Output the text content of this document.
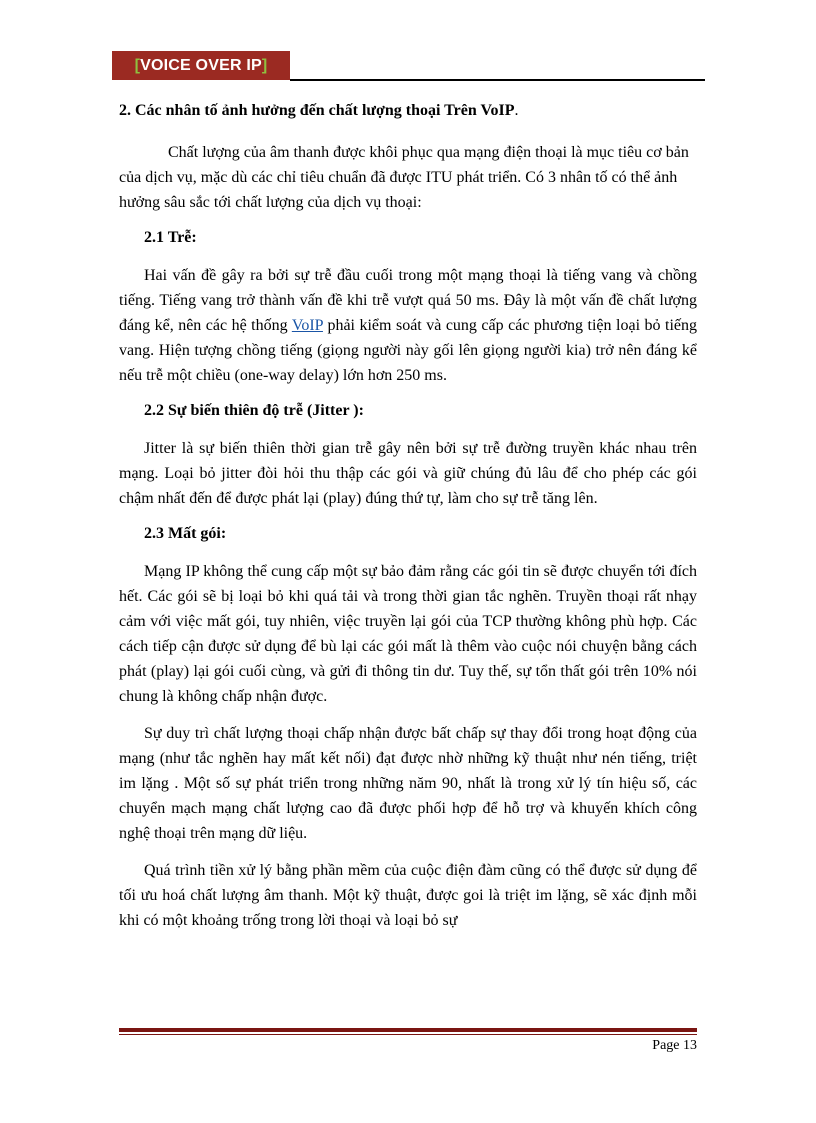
[VOICE OVER IP]
2. Các nhân tố ảnh hưởng đến chất lượng thoại Trên VoIP.

Chất lượng của âm thanh được khôi phục qua mạng điện thoại là mục tiêu cơ bản của dịch vụ, mặc dù các chỉ tiêu chuẩn đã được ITU phát triển. Có 3 nhân tố có thể ảnh hưởng sâu sắc tới chất lượng của dịch vụ thoại:

2.1 Trễ:

Hai vấn đề gây ra bởi sự trễ đầu cuối trong một mạng thoại là tiếng vang và chồng tiếng. Tiếng vang trở thành vấn đề khi trễ vượt quá 50 ms. Đây là một vấn đề chất lượng đáng kể, nên các hệ thống VoIP phải kiểm soát và cung cấp các phương tiện loại bỏ tiếng vang. Hiện tượng chồng tiếng (giọng người này gối lên giọng người kia) trở nên đáng kể nếu trễ một chiều (one-way delay) lớn hơn 250 ms.

2.2 Sự biến thiên độ trễ (Jitter ):

Jitter là sự biến thiên thời gian trễ gây nên bởi sự trễ đường truyền khác nhau trên mạng. Loại bỏ jitter đòi hỏi thu thập các gói và giữ chúng đủ lâu để cho phép các gói chậm nhất đến để được phát lại (play) đúng thứ tự, làm cho sự trễ tăng lên.

2.3 Mất gói:

Mạng IP không thể cung cấp một sự bảo đảm rằng các gói tin sẽ được chuyển tới đích hết. Các gói sẽ bị loại bỏ khi quá tải và trong thời gian tắc nghẽn. Truyền thoại rất nhạy cảm với việc mất gói, tuy nhiên, việc truyền lại gói của TCP thường không phù hợp. Các cách tiếp cận được sử dụng để bù lại các gói mất là thêm vào cuộc nói chuyện bằng cách phát (play) lại gói cuối cùng, và gửi đi thông tin dư. Tuy thế, sự tổn thất gói trên 10% nói chung là không chấp nhận được.

Sự duy trì chất lượng thoại chấp nhận được bất chấp sự thay đổi trong hoạt động của mạng (như tắc nghẽn hay mất kết nối) đạt được nhờ những kỹ thuật như nén tiếng, triệt im lặng . Một số sự phát triển trong những năm 90, nhất là trong xử lý tín hiệu số, các chuyển mạch mạng chất lượng cao đã được phối hợp để hỗ trợ và khuyến khích công nghệ thoại trên mạng dữ liệu.

Quá trình tiền xử lý bằng phần mềm của cuộc điện đàm cũng có thể được sử dụng để tối ưu hoá chất lượng âm thanh. Một kỹ thuật, được goi là triệt im lặng, sẽ xác định mỗi khi có một khoảng trống trong lời thoại và loại bỏ sự

Page 13
